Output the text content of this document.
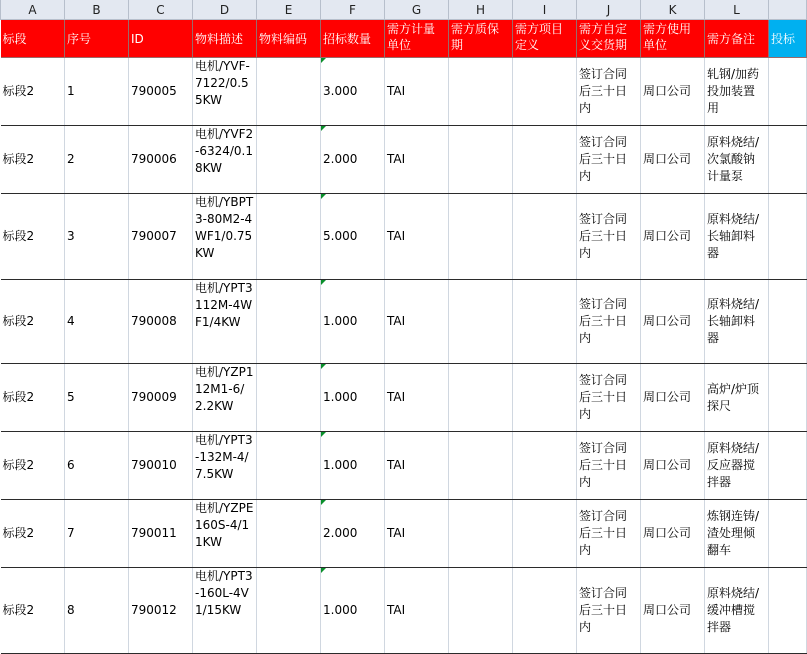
A	B	C	D	E	F	G	H	I	J	K	L	
标段	序号	ID	物料描述	物料编码	招标数量	需方计量单位	需方质保期	需方项目定义	需方自定义交货期	需方使用单位	需方备注	投标
标段2	1	790005	电机/YVF-7122/0.55KW		3.000	TAI			签订合同后三十日内	周口公司	轧钢/加药投加装置用	
标段2	2	790006	电机/YVF2-6324/0.18KW		2.000	TAI			签订合同后三十日内	周口公司	原料烧结/次氯酸钠计量泵	
标段2	3	790007	电机/YBPT3-80M2-4WF1/0.75KW		5.000	TAI			签订合同后三十日内	周口公司	原料烧结/长轴卸料器	
标段2	4	790008	电机/YPT3112M-4WF1/4KW		1.000	TAI			签订合同后三十日内	周口公司	原料烧结/长轴卸料器	
标段2	5	790009	电机/YZP112M1-6/2.2KW		1.000	TAI			签订合同后三十日内	周口公司	高炉/炉顶探尺	
标段2	6	790010	电机/YPT3-132M-4/7.5KW		1.000	TAI			签订合同后三十日内	周口公司	原料烧结/反应器搅拌器	
标段2	7	790011	电机/YZPE160S-4/11KW		2.000	TAI			签订合同后三十日内	周口公司	炼钢连铸/渣处理倾翻车	
标段2	8	790012	电机/YPT3-160L-4V1/15KW		1.000	TAI			签订合同后三十日内	周口公司	原料烧结/缓冲槽搅拌器	
